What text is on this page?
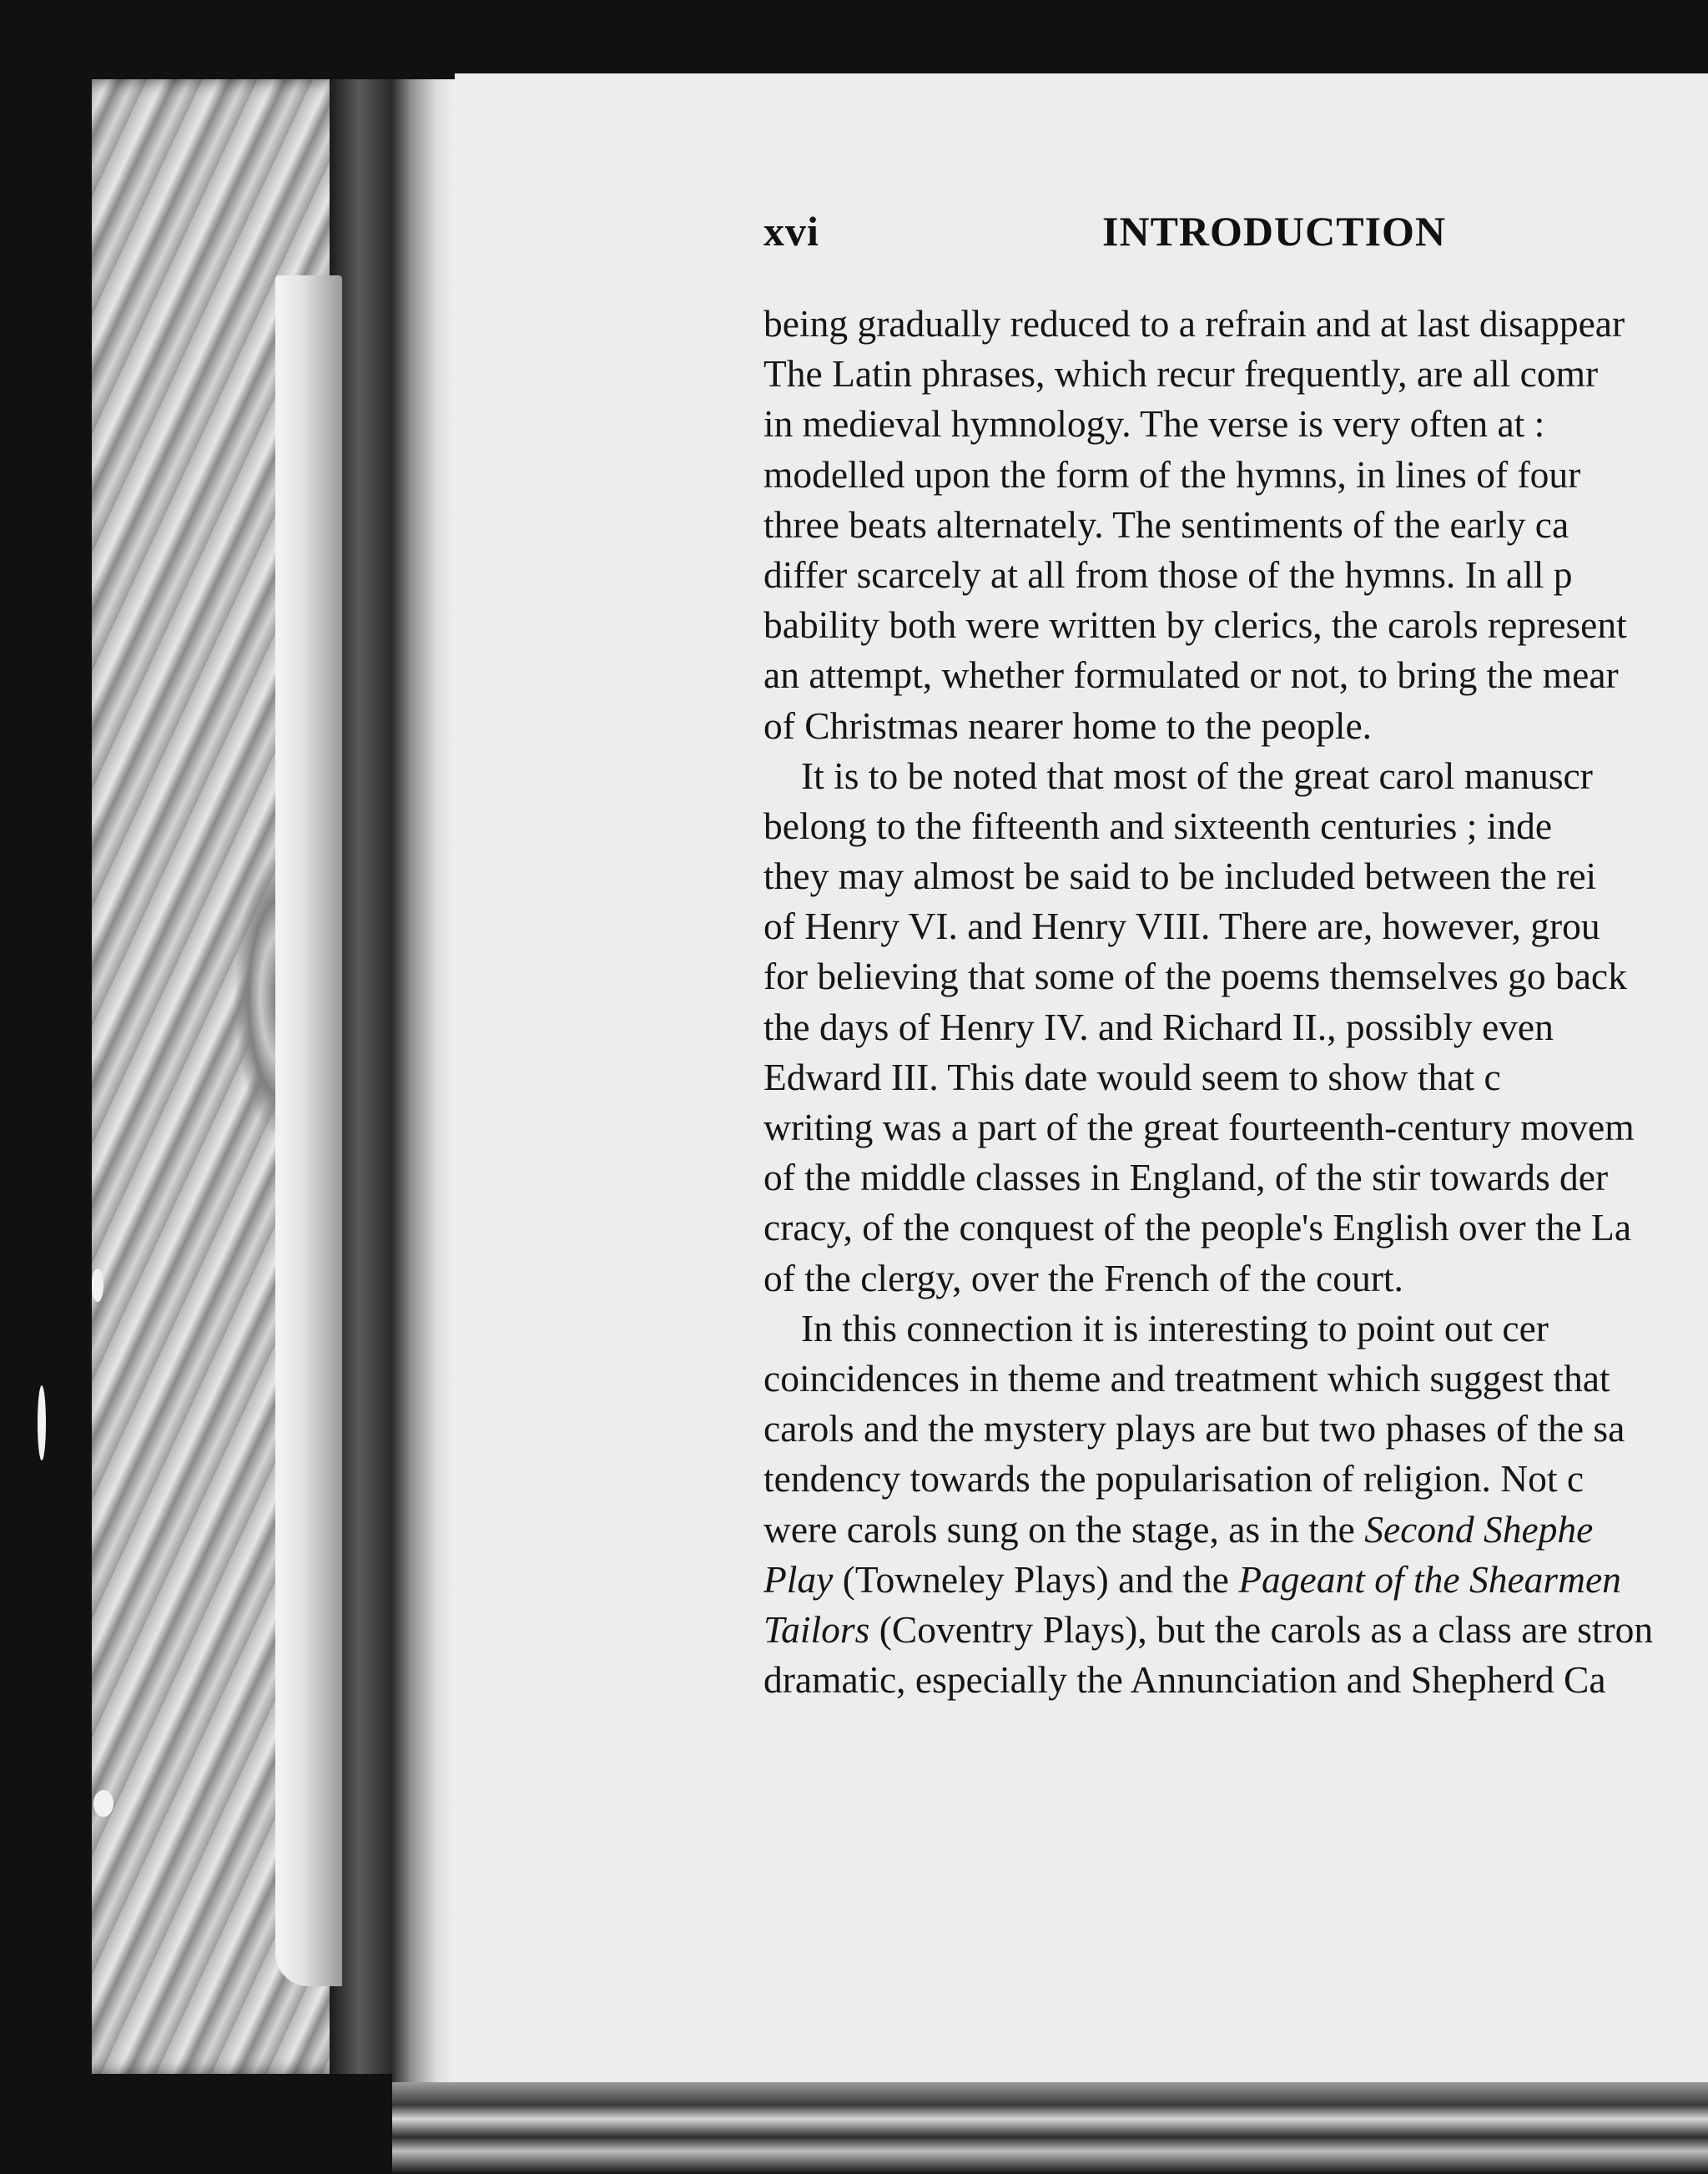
xvi	INTRODUCTION
being gradually reduced to a refrain and at last disappear
The Latin phrases, which recur frequently, are all comr
in medieval hymnology. The verse is very often at :
modelled upon the form of the hymns, in lines of four
three beats alternately. The sentiments of the early ca
differ scarcely at all from those of the hymns. In all p
bability both were written by clerics, the carols represent
an attempt, whether formulated or not, to bring the mear
of Christmas nearer home to the people.
It is to be noted that most of the great carol manuscr
belong to the fifteenth and sixteenth centuries ; inde
they may almost be said to be included between the rei
of Henry VI. and Henry VIII. There are, however, grou
for believing that some of the poems themselves go back
the days of Henry IV. and Richard II., possibly even
Edward III. This date would seem to show that c
writing was a part of the great fourteenth-century movem
of the middle classes in England, of the stir towards der
cracy, of the conquest of the people's English over the La
of the clergy, over the French of the court.
In this connection it is interesting to point out cer
coincidences in theme and treatment which suggest that
carols and the mystery plays are but two phases of the sa
tendency towards the popularisation of religion. Not c
were carols sung on the stage, as in the Second Shephe
Play (Towneley Plays) and the Pageant of the Shearmen
Tailors (Coventry Plays), but the carols as a class are stron
dramatic, especially the Annunciation and Shepherd Ca
